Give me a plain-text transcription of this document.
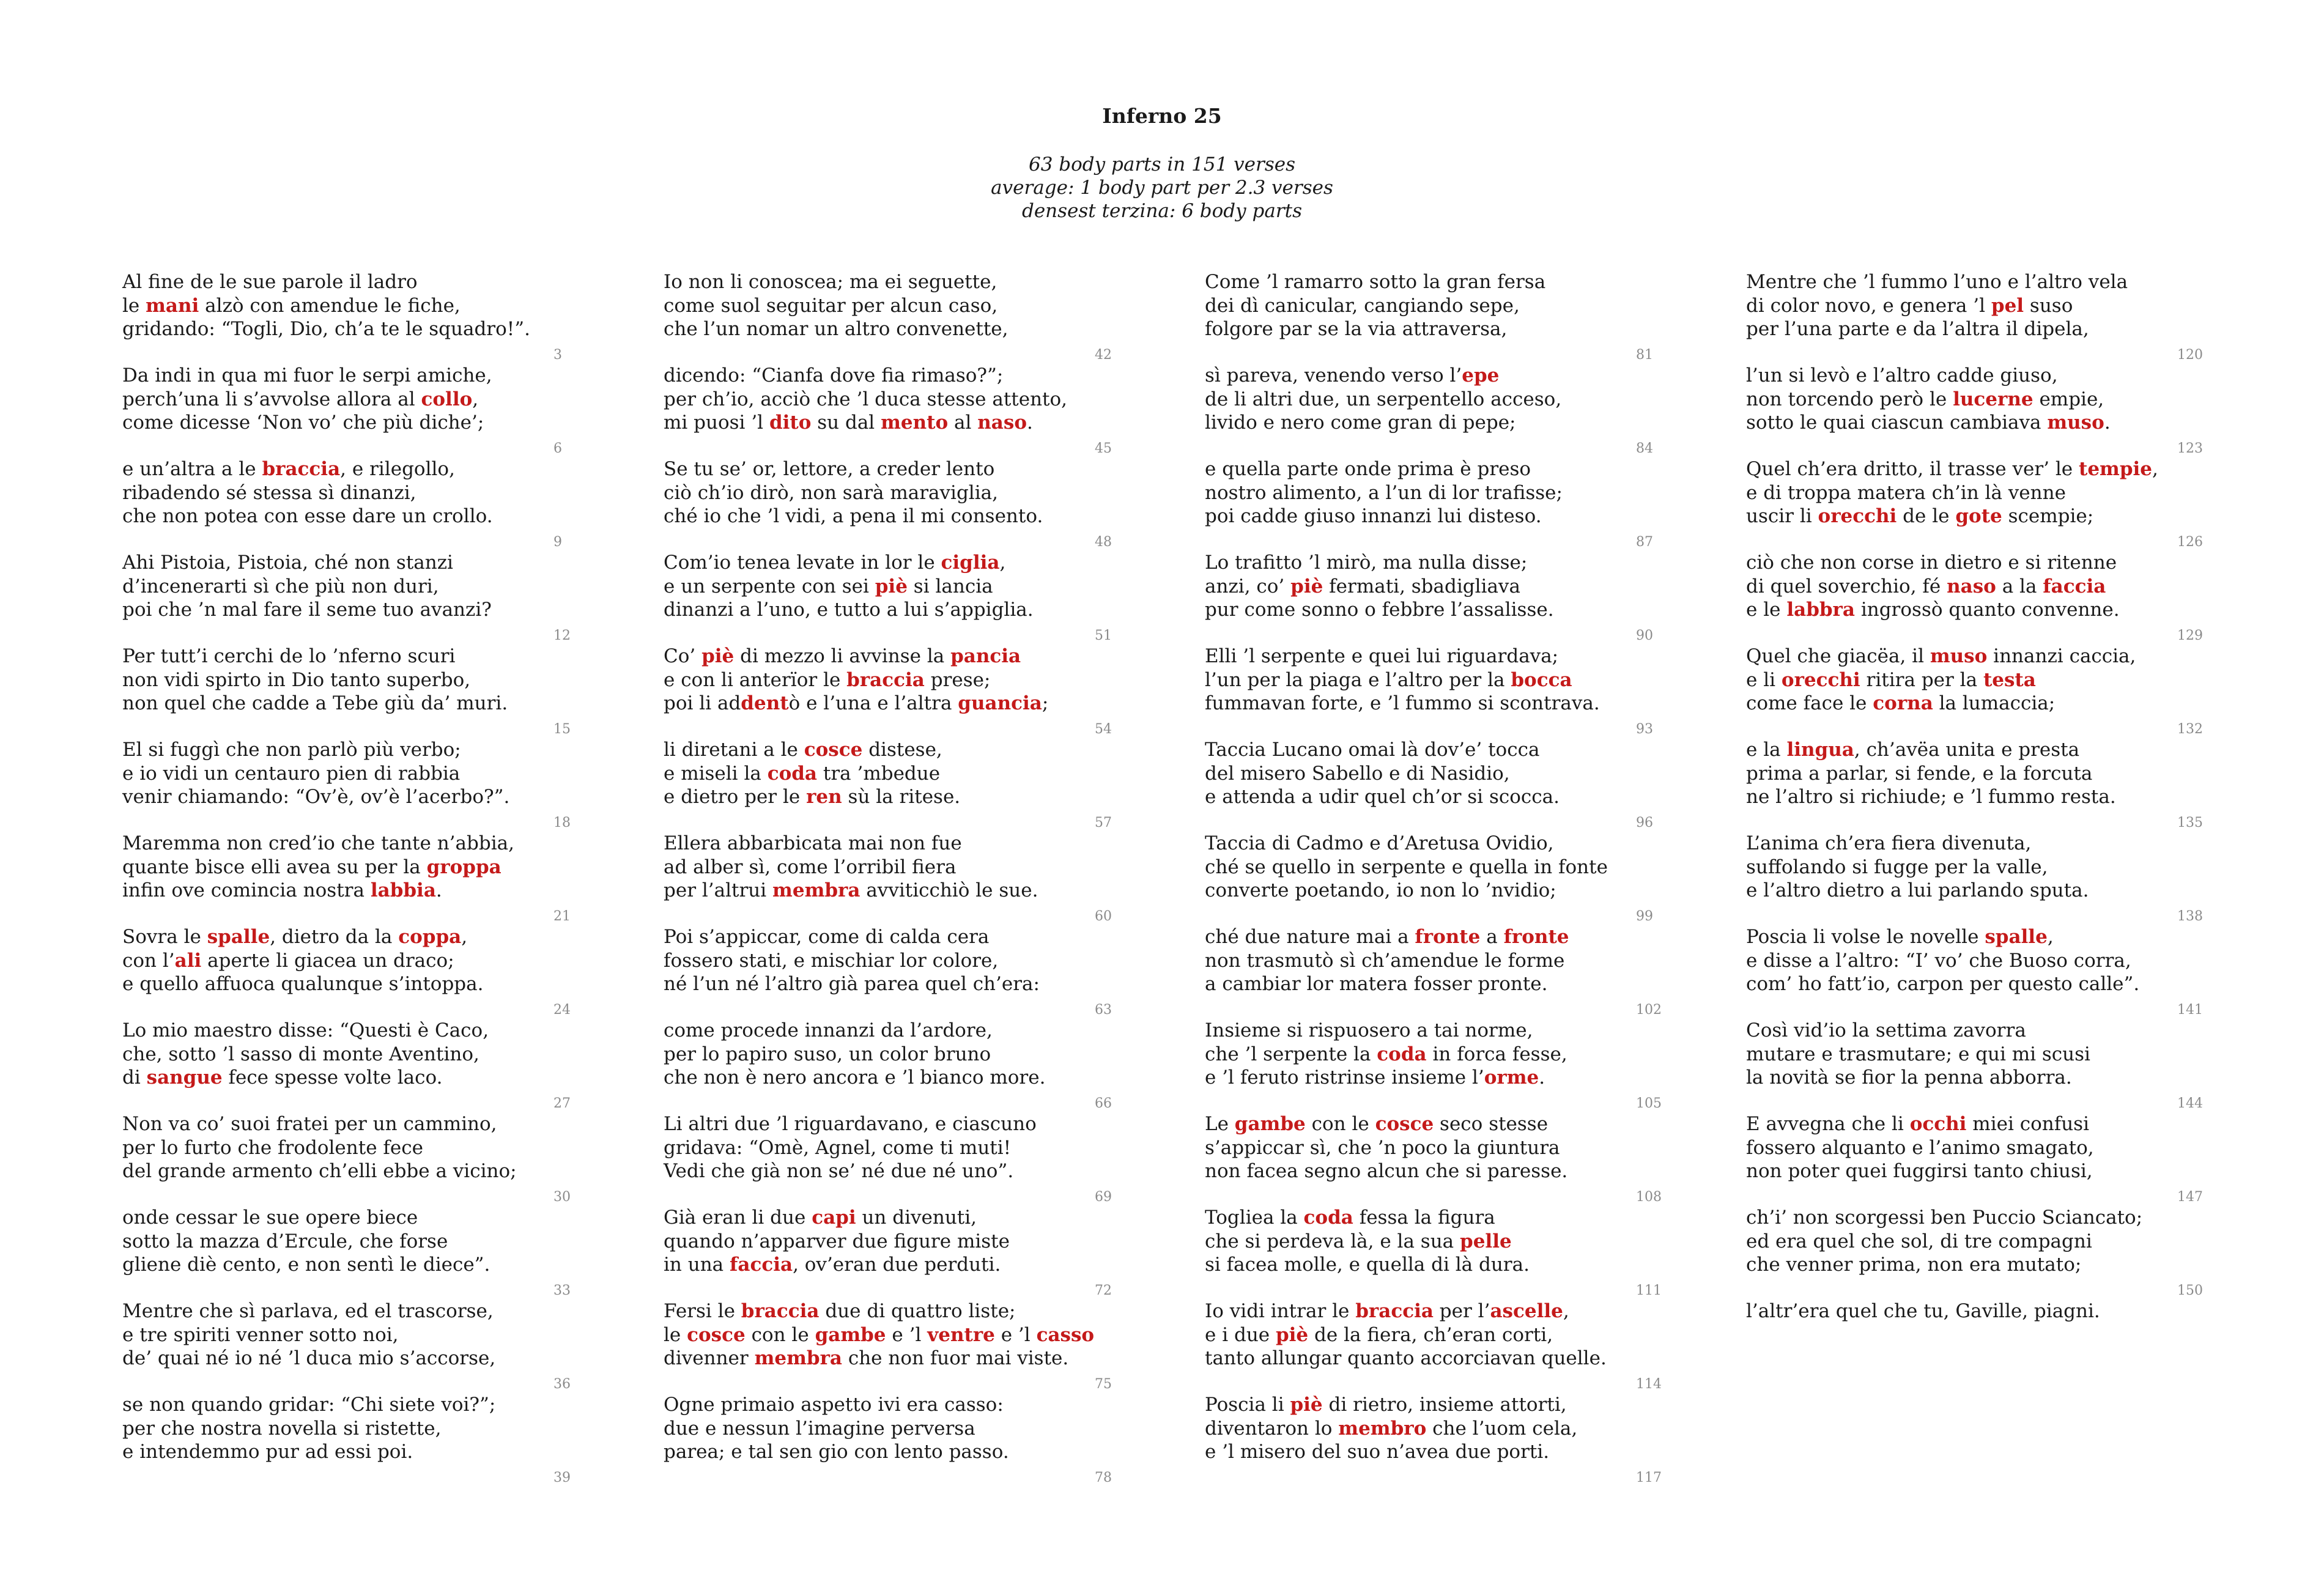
Inferno 25
63 body parts in 151 verses
average: 1 body part per 2.3 verses
densest terzina: 6 body parts
Al fine de le sue parole il ladro
le mani alzò con amendue le fiche,
gridando: “Togli, Dio, ch’a te le squadro!”.
3
Da indi in qua mi fuor le serpi amiche,
perch’una li s’avvolse allora al collo,
come dicesse ‘Non vo’ che più diche’;
6
e un’altra a le braccia, e rilegollo,
ribadendo sé stessa sì dinanzi,
che non potea con esse dare un crollo.
9
Ahi Pistoia, Pistoia, ché non stanzi
d’incenerarti sì che più non duri,
poi che ’n mal fare il seme tuo avanzi?
12
Per tutt’i cerchi de lo ’nferno scuri
non vidi spirto in Dio tanto superbo,
non quel che cadde a Tebe giù da’ muri.
15
El si fuggì che non parlò più verbo;
e io vidi un centauro pien di rabbia
venir chiamando: “Ov’è, ov’è l’acerbo?”.
18
Maremma non cred’io che tante n’abbia,
quante bisce elli avea su per la groppa
infin ove comincia nostra labbia.
21
Sovra le spalle, dietro da la coppa,
con l’ali aperte li giacea un draco;
e quello affuoca qualunque s’intoppa.
24
Lo mio maestro disse: “Questi è Caco,
che, sotto ’l sasso di monte Aventino,
di sangue fece spesse volte laco.
27
Non va co’ suoi fratei per un cammino,
per lo furto che frodolente fece
del grande armento ch’elli ebbe a vicino;
30
onde cessar le sue opere biece
sotto la mazza d’Ercule, che forse
gliene diè cento, e non sentì le diece”.
33
Mentre che sì parlava, ed el trascorse,
e tre spiriti venner sotto noi,
de’ quai né io né ’l duca mio s’accorse,
36
se non quando gridar: “Chi siete voi?”;
per che nostra novella si ristette,
e intendemmo pur ad essi poi.
39
Io non li conoscea; ma ei seguette,
come suol seguitar per alcun caso,
che l’un nomar un altro convenette,
42
dicendo: “Cianfa dove fia rimaso?”;
per ch’io, acciò che ’l duca stesse attento,
mi puosi ’l dito su dal mento al naso.
45
Se tu se’ or, lettore, a creder lento
ciò ch’io dirò, non sarà maraviglia,
ché io che ’l vidi, a pena il mi consento.
48
Com’io tenea levate in lor le ciglia,
e un serpente con sei piè si lancia
dinanzi a l’uno, e tutto a lui s’appiglia.
51
Co’ piè di mezzo li avvinse la pancia
e con li anterïor le braccia prese;
poi li addentò e l’una e l’altra guancia;
54
li diretani a le cosce distese,
e miseli la coda tra ’mbedue
e dietro per le ren sù la ritese.
57
Ellera abbarbicata mai non fue
ad alber sì, come l’orribil fiera
per l’altrui membra avviticchiò le sue.
60
Poi s’appiccar, come di calda cera
fossero stati, e mischiar lor colore,
né l’un né l’altro già parea quel ch’era:
63
come procede innanzi da l’ardore,
per lo papiro suso, un color bruno
che non è nero ancora e ’l bianco more.
66
Li altri due ’l riguardavano, e ciascuno
gridava: “Omè, Agnel, come ti muti!
Vedi che già non se’ né due né uno”.
69
Già eran li due capi un divenuti,
quando n’apparver due figure miste
in una faccia, ov’eran due perduti.
72
Fersi le braccia due di quattro liste;
le cosce con le gambe e ’l ventre e ’l casso
divenner membra che non fuor mai viste.
75
Ogne primaio aspetto ivi era casso:
due e nessun l’imagine perversa
parea; e tal sen gio con lento passo.
78
Come ’l ramarro sotto la gran fersa
dei dì canicular, cangiando sepe,
folgore par se la via attraversa,
81
sì pareva, venendo verso l’epe
de li altri due, un serpentello acceso,
livido e nero come gran di pepe;
84
e quella parte onde prima è preso
nostro alimento, a l’un di lor trafisse;
poi cadde giuso innanzi lui disteso.
87
Lo trafitto ’l mirò, ma nulla disse;
anzi, co’ piè fermati, sbadigliava
pur come sonno o febbre l’assalisse.
90
Elli ’l serpente e quei lui riguardava;
l’un per la piaga e l’altro per la bocca
fummavan forte, e ’l fummo si scontrava.
93
Taccia Lucano omai là dov’e’ tocca
del misero Sabello e di Nasidio,
e attenda a udir quel ch’or si scocca.
96
Taccia di Cadmo e d’Aretusa Ovidio,
ché se quello in serpente e quella in fonte
converte poetando, io non lo ’nvidio;
99
ché due nature mai a fronte a fronte
non trasmutò sì ch’amendue le forme
a cambiar lor matera fosser pronte.
102
Insieme si rispuosero a tai norme,
che ’l serpente la coda in forca fesse,
e ’l feruto ristrinse insieme l’orme.
105
Le gambe con le cosce seco stesse
s’appiccar sì, che ’n poco la giuntura
non facea segno alcun che si paresse.
108
Togliea la coda fessa la figura
che si perdeva là, e la sua pelle
si facea molle, e quella di là dura.
111
Io vidi intrar le braccia per l’ascelle,
e i due piè de la fiera, ch’eran corti,
tanto allungar quanto accorciavan quelle.
114
Poscia li piè di rietro, insieme attorti,
diventaron lo membro che l’uom cela,
e ’l misero del suo n’avea due porti.
117
Mentre che ’l fummo l’uno e l’altro vela
di color novo, e genera ’l pel suso
per l’una parte e da l’altra il dipela,
120
l’un si levò e l’altro cadde giuso,
non torcendo però le lucerne empie,
sotto le quai ciascun cambiava muso.
123
Quel ch’era dritto, il trasse ver’ le tempie,
e di troppa matera ch’in là venne
uscir li orecchi de le gote scempie;
126
ciò che non corse in dietro e si ritenne
di quel soverchio, fé naso a la faccia
e le labbra ingrossò quanto convenne.
129
Quel che giacëa, il muso innanzi caccia,
e li orecchi ritira per la testa
come face le corna la lumaccia;
132
e la lingua, ch’avëa unita e presta
prima a parlar, si fende, e la forcuta
ne l’altro si richiude; e ’l fummo resta.
135
L’anima ch’era fiera divenuta,
suffolando si fugge per la valle,
e l’altro dietro a lui parlando sputa.
138
Poscia li volse le novelle spalle,
e disse a l’altro: “I’ vo’ che Buoso corra,
com’ ho fatt’io, carpon per questo calle”.
141
Così vid’io la settima zavorra
mutare e trasmutare; e qui mi scusi
la novità se fior la penna abborra.
144
E avvegna che li occhi miei confusi
fossero alquanto e l’animo smagato,
non poter quei fuggirsi tanto chiusi,
147
ch’i’ non scorgessi ben Puccio Sciancato;
ed era quel che sol, di tre compagni
che venner prima, non era mutato;
150
l’altr’era quel che tu, Gaville, piagni.
